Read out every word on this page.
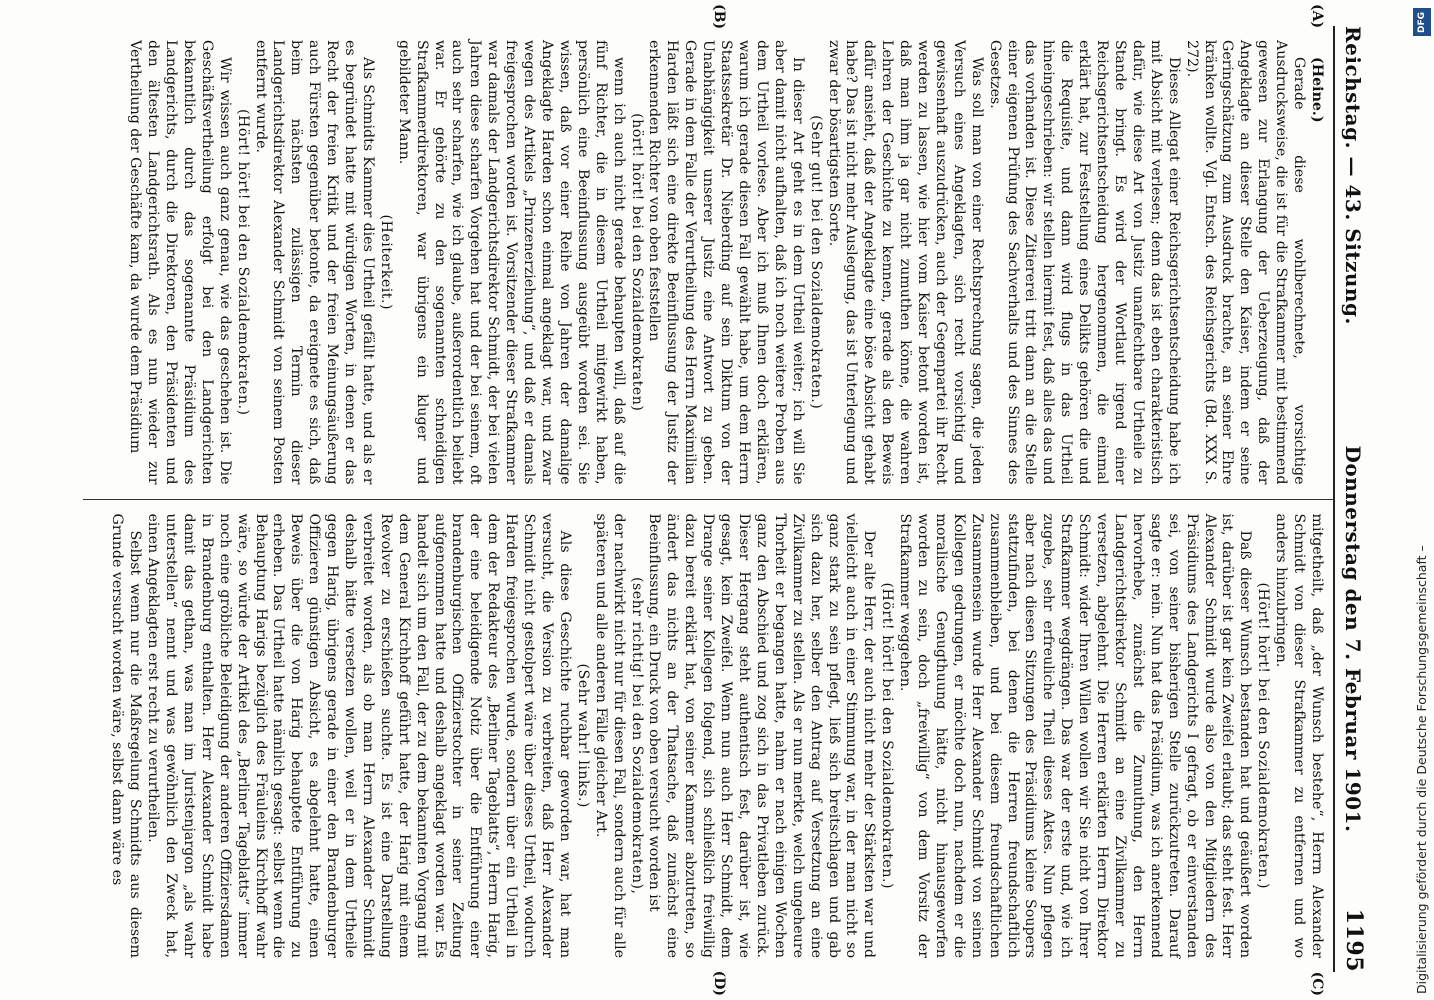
Reichstag. — 43. Sitzung.
Donnerstag den 7. Februar 1901.
1195
(A)
(B)

(Heine.)

Gerade diese wohlberechnete, vorsichtige Ausdrucksweise, die ist für die Strafkammer mit bestimmend gewesen zur Erlangung der Ueberzeugung, daß der Angeklagte an dieser Stelle den Kaiser, indem er seine Geringschätzung zum Ausdruck brachte, an seiner Ehre kränken wollte. Vgl. Entsch. des Reichsgerichts (Bd. XXX S. 272).

Dieses Allegat einer Reichsgerichtsentscheidung habe ich mit Absicht mit verlesen; denn das ist eben charakteristisch dafür, wie diese Art von Justiz unanfechtbare Urtheile zu Stande bringt. Es wird der Wortlaut irgend einer Reichsgerichtsentscheidung hergenommen, die einmal erklärt hat, zur Feststellung eines Delikts gehören die und die Requisite, und dann wird flugs in das Urtheil hineingeschrieben: wir stellen hiermit fest, daß alles das und das vorhanden ist. Diese Zitiererei tritt dann an die Stelle einer eigenen Prüfung des Sachverhalts und des Sinnes des Gesetzes.

Was soll man von einer Rechtsprechung sagen, die jeden Versuch eines Angeklagten, sich recht vorsichtig und gewissenhaft auszudrücken, auch der Gegenpartei ihr Recht werden zu lassen, wie hier vom Kaiser betont worden ist, daß man ihm ja gar nicht zumuthen könne, die wahren Lehren der Geschichte zu kennen, gerade als den Beweis dafür ansieht, daß der Angeklagte eine böse Absicht gehabt habe? Das ist nicht mehr Auslegung, das ist Unterlegung und zwar der bösartigsten Sorte.

(Sehr gut! bei den Sozialdemokraten.)

In dieser Art geht es in dem Urtheil weiter; ich will Sie aber damit nicht aufhalten, daß ich noch weitere Proben aus dem Urtheil vorlese. Aber ich muß Ihnen doch erklären, warum ich gerade diesen Fall gewählt habe, um dem Herrn Staatssekretär Dr. Nieberding auf sein Diktum von der Unabhängigkeit unserer Justiz eine Antwort zu geben. Gerade in dem Falle der Verurtheilung des Herrn Maximilian Harden läßt sich eine direkte Beeinflussung der Justiz der erkennenden Richter von oben feststellen

(hört! hört! bei den Sozialdemokraten)

wenn ich auch nicht gerade behaupten will, daß auf die fünf Richter, die in diesem Urtheil mitgewirkt haben, persönlich eine Beeinflussung ausgeübt worden sei. Sie wissen, daß vor einer Reihe von Jahren der damalige Angeklagte Harden schon einmal angeklagt war, und zwar wegen des Artikels „Prinzenerziehung“, und daß er damals freigesprochen worden ist. Vorsitzender dieser Strafkammer war damals der Landgerichtsdirektor Schmidt, der bei vielen Jahren diese scharfen Vorgehen hat und der bei seinem, oft auch sehr scharfen, wie ich glaube, außerordentlich beliebt war. Er gehörte zu den sogenannten schneidigen Strafkammerdirektoren, war übrigens ein kluger und gebildeter Mann.

(Heiterkeit.)

Als Schmidts Kammer dies Urtheil gefällt hatte, und als er es begründet hatte mit würdigen Worten, in denen er das Recht der freien Kritik und der freien Meinungsäußerung auch Fürsten gegenüber betonte, da ereignete es sich, daß beim nächsten zulässigen Termin dieser Landgerichtsdirektor Alexander Schmidt von seinem Posten entfernt wurde.

(Hört! hört! bei den Sozialdemokraten.)

Wir wissen auch ganz genau, wie das geschehen ist. Die Geschäftsvertheilung erfolgt bei den Landgerichten bekanntlich durch das sogenannte Präsidium des Landgerichts, durch die Direktoren, den Präsidenten und den ältesten Landgerichtsrath. Als es nun wieder zur Vertheilung der Geschäfte kam, da wurde dem Präsidium

(C)
(D)

mitgetheilt, daß „der Wunsch bestehe“, Herrn Alexander Schmidt von dieser Strafkammer zu entfernen und wo anders hinzubringen.

(Hört! hört! bei den Sozialdemokraten.)

Daß dieser Wunsch bestanden hat und geäußert worden ist, darüber ist gar kein Zweifel erlaubt; das steht fest. Herr Alexander Schmidt wurde also von den Mitgliedern des Präsidiums des Landgerichts I gefragt, ob er einverstanden sei, von seiner bisherigen Stelle zurückzutreten. Darauf sagte er: nein. Nun hat das Präsidium, was ich anerkennend hervorhebe, zunächst die Zumuthung, den Herrn Landgerichtsdirektor Schmidt an eine Zivilkammer zu versetzen, abgelehnt. Die Herren erklärten Herrn Direktor Schmidt: wider Ihren Willen wollen wir Sie nicht von Ihrer Strafkammer wegdrängen. Das war der erste und, wie ich zugebe, sehr erfreuliche Theil dieses Aktes. Nun pflegen aber nach diesen Sitzungen des Präsidiums kleine Soupers stattzufinden, bei denen die Herren freundschaftlich zusammenbleiben, und bei diesem freundschaftlichen Zusammensein wurde Herr Alexander Schmidt von seinen Kollegen gedrungen, er möchte doch nun, nachdem er die moralische Genugthuung hätte, nicht hinausgeworfen worden zu sein, doch „freiwillig“ von dem Vorsitz der Strafkammer weggehen.

(Hört! hört! bei den Sozialdemokraten.)

Der alte Herr, der auch nicht mehr der Stärksten war und vielleicht auch in einer Stimmung war, in der man nicht so ganz stark zu sein pflegt, ließ sich breitschlagen und gab sich dazu her, selber den Antrag auf Versetzung an eine Zivilkammer zu stellen. Als er nun merkte, welch ungeheure Thorheit er begangen hatte, nahm er nach einigen Wochen ganz den Abschied und zog sich in das Privatleben zurück. Dieser Hergang steht authentisch fest, darüber ist, wie gesagt, kein Zweifel. Wenn nun auch Herr Schmidt, dem Drange seiner Kollegen folgend, sich schließlich freiwillig dazu bereit erklärt hat, von seiner Kammer abzutreten, so ändert das nichts an der Thatsache, daß zunächst eine Beeinflussung, ein Druck von oben versucht worden ist

(sehr richtig! bei den Sozialdemokraten),

der nachwirkt nicht nur für diesen Fall, sondern auch für alle späteren und alle anderen Fälle gleicher Art.

(Sehr wahr! links.)

Als diese Geschichte ruchbar geworden war, hat man versucht, die Version zu verbreiten, daß Herr Alexander Schmidt nicht gestolpert wäre über dieses Urtheil, wodurch Harden freigesprochen wurde, sondern über ein Urtheil in dem der Redakteur des „Berliner Tageblatts“, Herrn Harig, der eine beleidigende Notiz über die Entführung einer brandenburgischen Offizierstochter in seiner Zeitung aufgenommen hatte und deshalb angeklagt worden war. Es handelt sich um den Fall, der zu dem bekannten Vorgang mit dem General Kirchhoff geführt hatte, der Harig mit einem Revolver zu erschießen suchte. Es ist eine Darstellung verbreitet worden, als ob man Herrn Alexander Schmidt deshalb hätte versetzen wollen, weil er in dem Urtheile gegen Harig, übrigens gerade in einer den Brandenburger Offizieren günstigen Absicht, es abgelehnt hatte, einen Beweis über die von Harig behauptete Entführung zu erheben. Das Urtheil hatte nämlich gesagt: selbst wenn die Behauptung Harigs bezüglich des Fräuleins Kirchhoff wahr wäre, so würde der Artikel des „Berliner Tageblatts“ immer noch eine gröbliche Beleidigung der anderen Offiziersdamen in Brandenburg enthalten. Herr Alexander Schmidt habe damit das gethan, was man im Juristenjargon „als wahr unterstellen“ nennt und was gewöhnlich den Zweck hat, einen Angeklagten erst recht zu verurtheilen.

Selbst wenn nur die Maßregelung Schmidts aus diesem Grunde versucht worden wäre, selbst dann wäre es	Digitalisierung gefördert durch die Deutsche Forschungsgemeinschaft –
DFG
